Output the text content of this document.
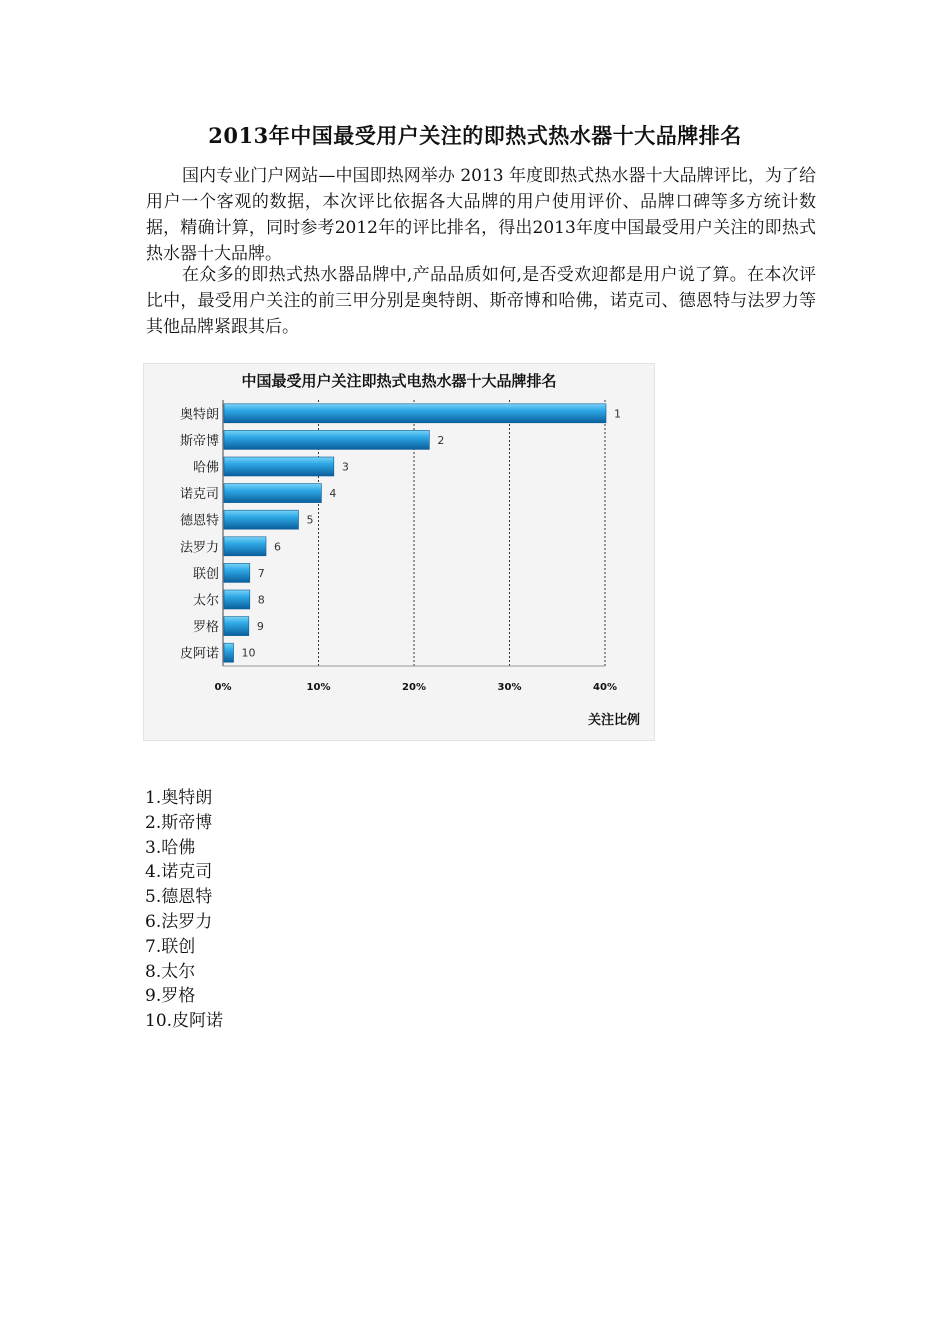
2013年中国最受用户关注的即热式热水器十大品牌排名
国内专业门户网站—中国即热网举办 2013 年度即热式热水器十大品牌评比，为了给用户一个客观的数据，本次评比依据各大品牌的用户使用评价、品牌口碑等多方统计数据，精确计算，同时参考2012年的评比排名，得出2013年度中国最受用户关注的即热式热水器十大品牌。
在众多的即热式热水器品牌中,产品品质如何,是否受欢迎都是用户说了算。在本次评比中，最受用户关注的前三甲分别是奥特朗、斯帝博和哈佛，诺克司、德恩特与法罗力等其他品牌紧跟其后。
0%	10%	20%	30%	40%
奥特朗	1
斯帝博	2
哈佛	3
诺克司	4
德恩特	5
法罗力	6
联创	7
太尔	8
罗格	9
皮阿诺 10
中国最受用户关注即热式电热水器十大品牌排名
关注比例
1.奥特朗
2.斯帝博
3.哈佛
4.诺克司
5.德恩特
6.法罗力
7.联创
8.太尔
9.罗格
10.皮阿诺
